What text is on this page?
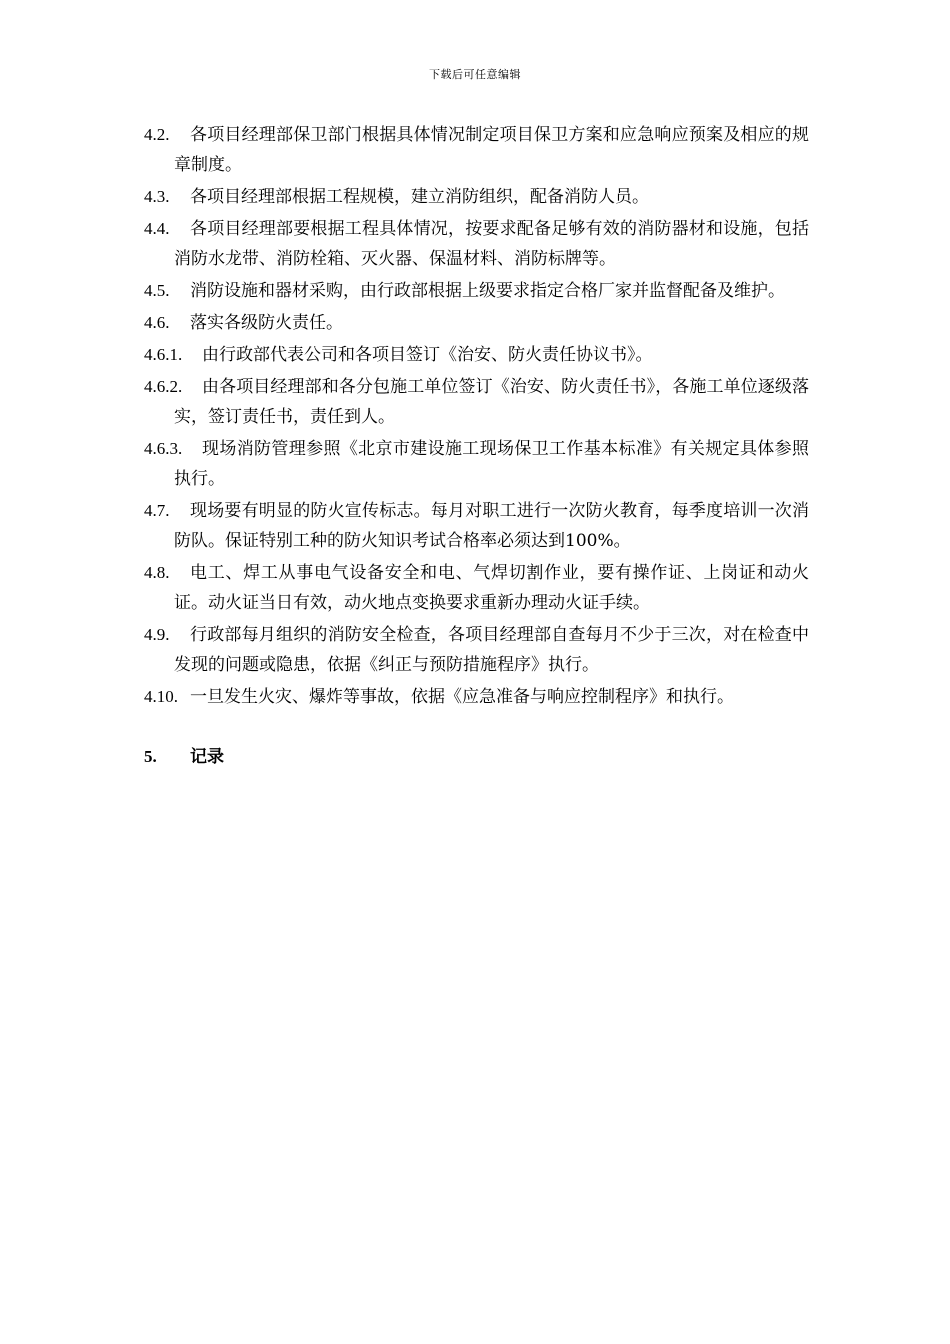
下载后可任意编辑
4.2.	各项目经理部保卫部门根据具体情况制定项目保卫方案和应急响应预案及相应的规章制度。
4.3.	各项目经理部根据工程规模，建立消防组织，配备消防人员。
4.4.	各项目经理部要根据工程具体情况，按要求配备足够有效的消防器材和设施，包括消防水龙带、消防栓箱、灭火器、保温材料、消防标牌等。
4.5.	消防设施和器材采购，由行政部根据上级要求指定合格厂家并监督配备及维护。
4.6.	落实各级防火责任。
4.6.1.	由行政部代表公司和各项目签订《治安、防火责任协议书》。
4.6.2.	由各项目经理部和各分包施工单位签订《治安、防火责任书》，各施工单位逐级落实，签订责任书，责任到人。
4.6.3.	现场消防管理参照《北京市建设施工现场保卫工作基本标准》有关规定具体参照执行。
4.7.	现场要有明显的防火宣传标志。每月对职工进行一次防火教育，每季度培训一次消防队。保证特别工种的防火知识考试合格率必须达到100%。
4.8.	电工、焊工从事电气设备安全和电、气焊切割作业，要有操作证、上岗证和动火证。动火证当日有效，动火地点变换要求重新办理动火证手续。
4.9.	行政部每月组织的消防安全检查，各项目经理部自查每月不少于三次，对在检查中发现的问题或隐患，依据《纠正与预防措施程序》执行。
4.10. 一旦发生火灾、爆炸等事故，依据《应急准备与响应控制程序》和执行。
5.	记录
